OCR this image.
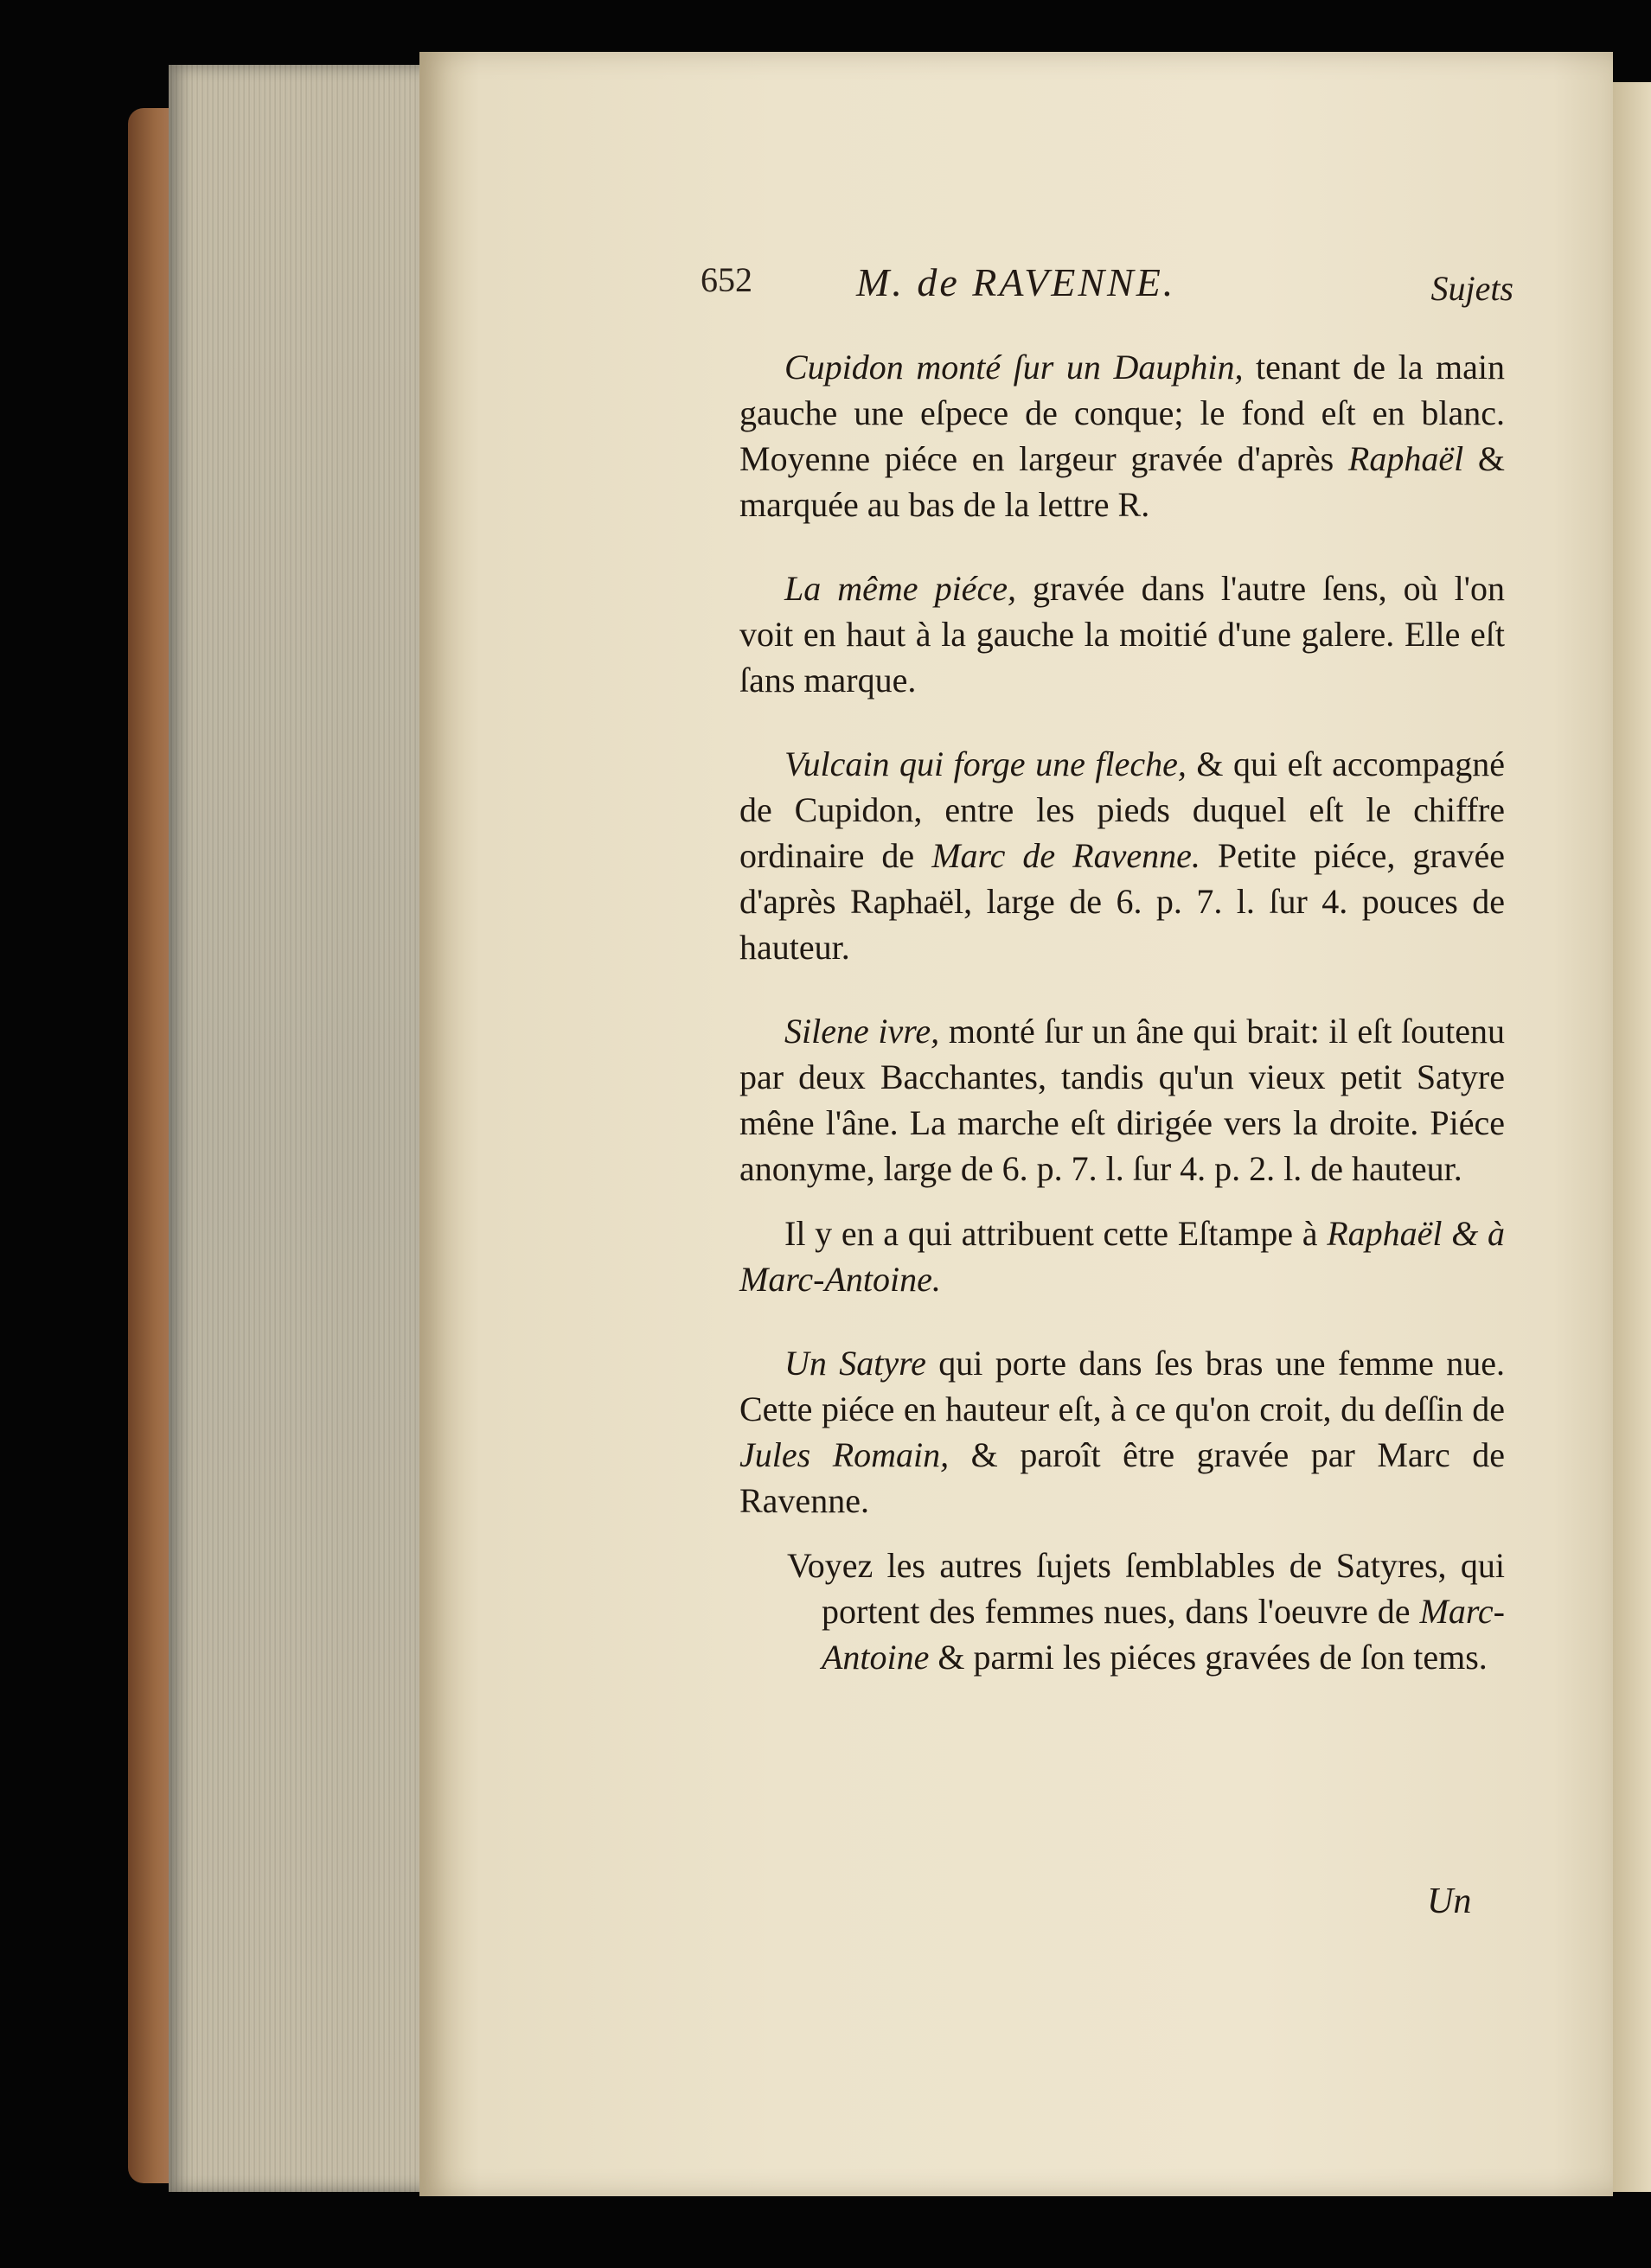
652	M. de RAVENNE.	Sujets

Cupidon monté ſur un Dauphin, tenant de la main gauche une eſpece de conque; le fond eſt en blanc. Moyenne piéce en largeur gravée d'après Raphaël & marquée au bas de la lettre R.

La même piéce, gravée dans l'autre ſens, où l'on voit en haut à la gauche la moitié d'une galere. Elle eſt ſans marque.

Vulcain qui forge une fleche, & qui eſt accompagné de Cupidon, entre les pieds duquel eſt le chiffre ordinaire de Marc de Ravenne. Petite piéce, gravée d'après Raphaël, large de 6. p. 7. l. ſur 4. pouces de hauteur.

Silene ivre, monté ſur un âne qui brait: il eſt ſoutenu par deux Bacchantes, tandis qu'un vieux petit Satyre mêne l'âne. La marche eſt dirigée vers la droite. Piéce anonyme, large de 6. p. 7. l. ſur 4. p. 2. l. de hauteur.

Il y en a qui attribuent cette Eſtampe à Raphaël & à Marc-Antoine.

Un Satyre qui porte dans ſes bras une femme nue. Cette piéce en hauteur eſt, à ce qu'on croit, du deſſin de Jules Romain, & paroît être gravée par Marc de Ravenne.

Voyez les autres ſujets ſemblables de Satyres, qui portent des femmes nues, dans l'oeuvre de Marc-Antoine & parmi les piéces gravées de ſon tems.

Un
